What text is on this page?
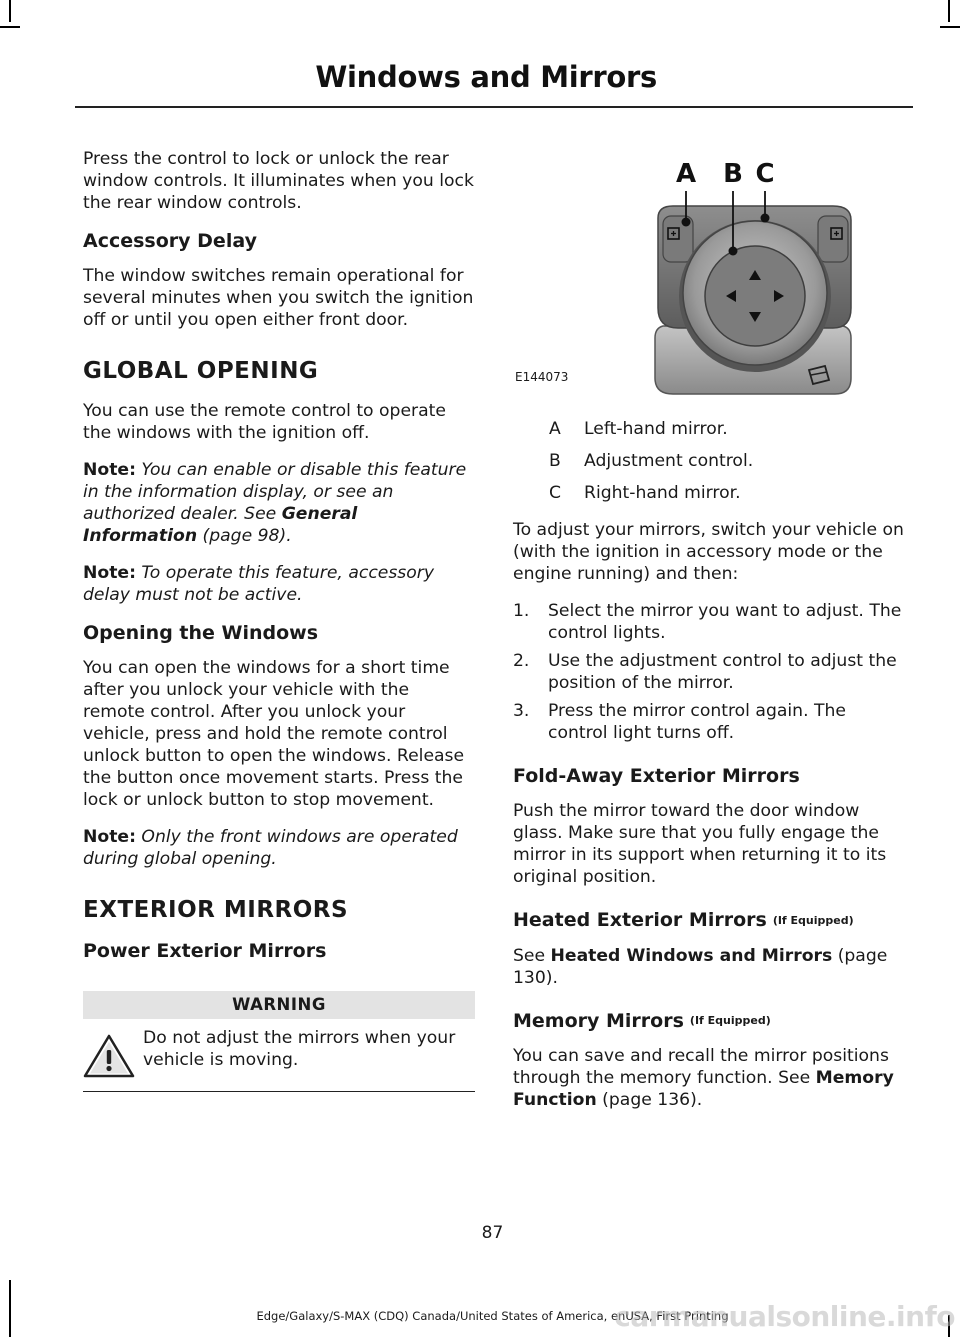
Windows and Mirrors

Press the control to lock or unlock the rear window controls. It illuminates when you lock the rear window controls.

Accessory Delay

The window switches remain operational for several minutes when you switch the ignition off or until you open either front door.

GLOBAL OPENING

You can use the remote control to operate the windows with the ignition off.

Note: You can enable or disable this feature in the information display, or see an authorized dealer. See General Information (page 98).

Note: To operate this feature, accessory delay must not be active.

Opening the Windows

You can open the windows for a short time after you unlock your vehicle with the remote control. After you unlock your vehicle, press and hold the remote control unlock button to open the windows. Release the button once movement starts. Press the lock or unlock button to stop movement.

Note: Only the front windows are operated during global opening.

EXTERIOR MIRRORS
Power Exterior Mirrors
WARNING
Do not adjust the mirrors when your vehicle is moving.
A B C
E144073
A	Left-hand mirror.
B	Adjustment control.
C	Right-hand mirror.

To adjust your mirrors, switch your vehicle on (with the ignition in accessory mode or the engine running) and then:

1.	Select the mirror you want to adjust. The control lights.
2.	Use the adjustment control to adjust the position of the mirror.
3.	Press the mirror control again. The control light turns off.
Fold-Away Exterior Mirrors

Push the mirror toward the door window glass. Make sure that you fully engage the mirror in its support when returning it to its original position.

Heated Exterior Mirrors (If Equipped)

See Heated Windows and Mirrors (page 130).

Memory Mirrors (If Equipped)

You can save and recall the mirror positions through the memory function. See Memory Function (page 136).

87
Edge/Galaxy/S-MAX (CDQ) Canada/United States of America, enUSA, First Printing
carmanualsonline.info
